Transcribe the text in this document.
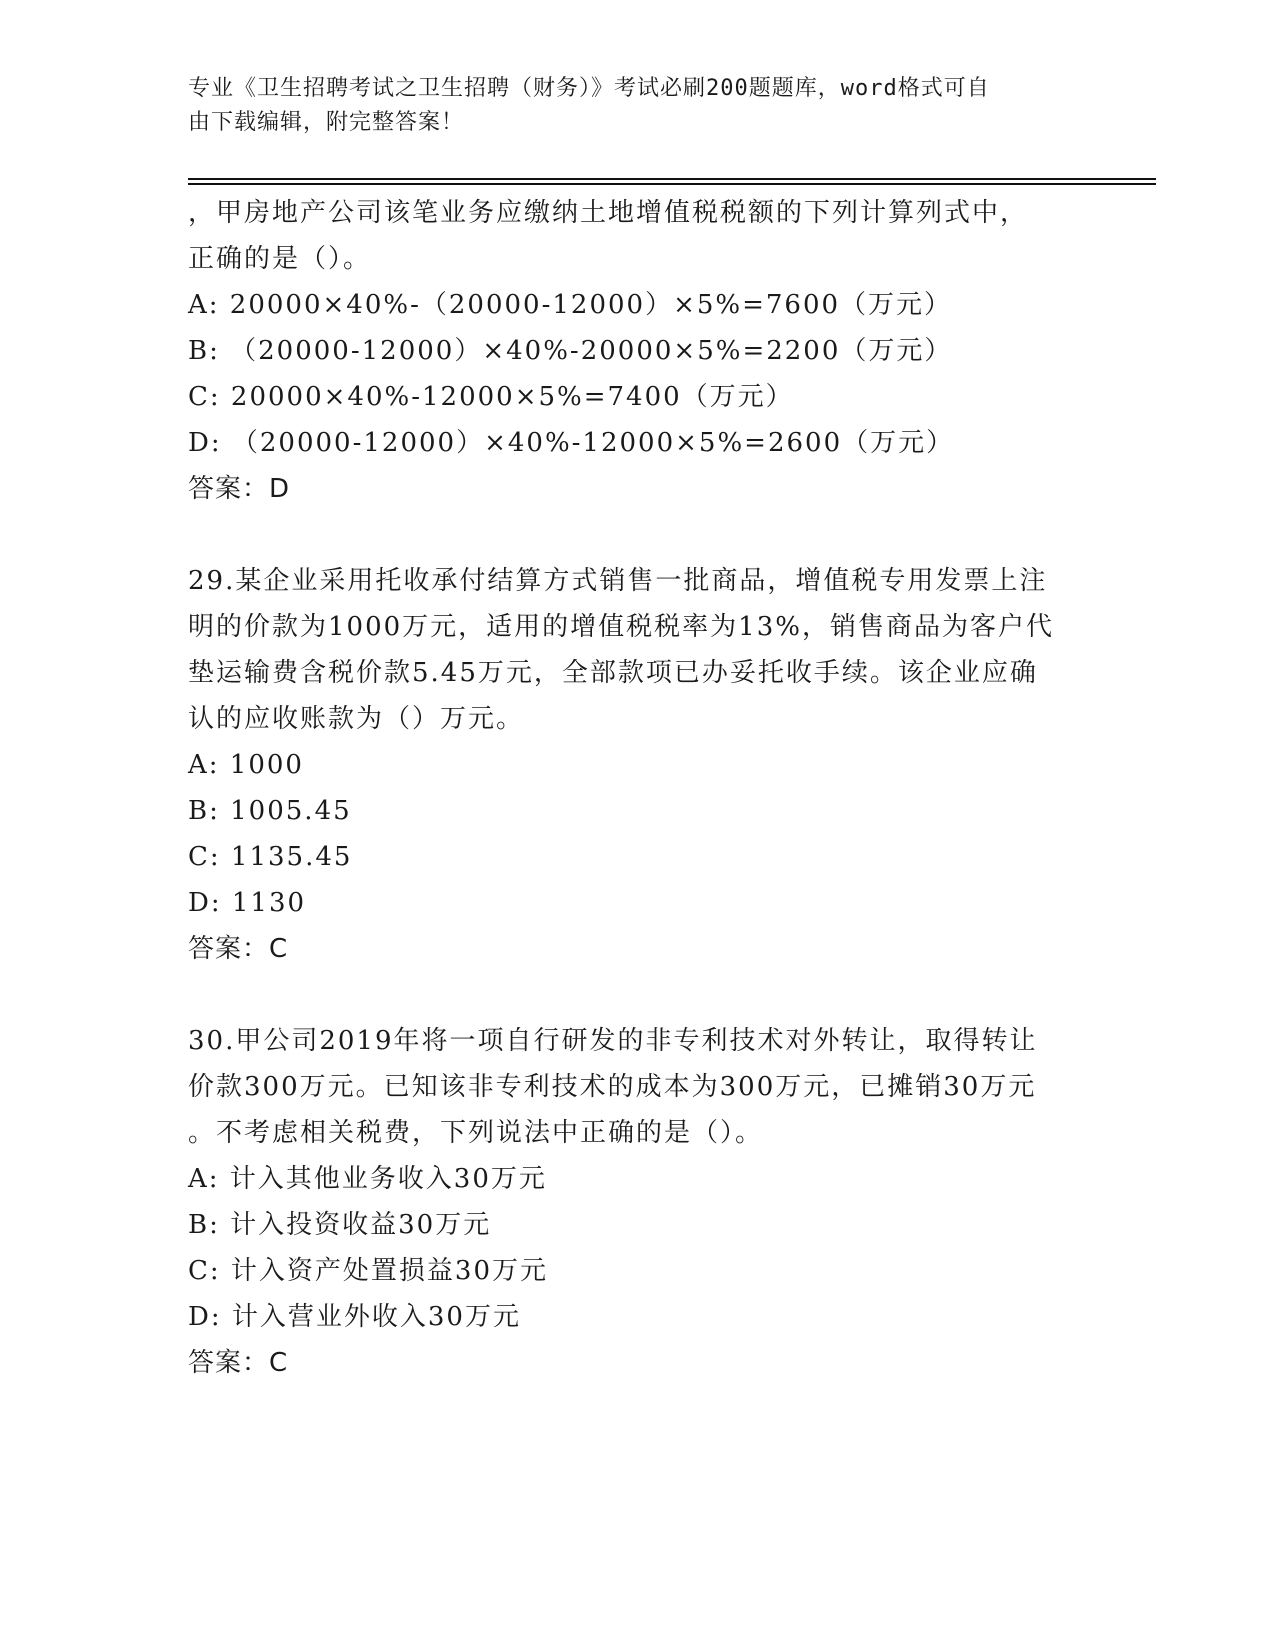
专业《卫生招聘考试之卫生招聘（财务）》考试必刷200题题库，word格式可自
由下载编辑，附完整答案！
，甲房地产公司该笔业务应缴纳土地增值税税额的下列计算列式中，
正确的是（）。
A: 20000×40%-（20000-12000）×5%=7600（万元）
B: （20000-12000）×40%-20000×5%=2200（万元）
C: 20000×40%-12000×5%=7400（万元）
D: （20000-12000）×40%-12000×5%=2600（万元）
答案：D
29.某企业采用托收承付结算方式销售一批商品，增值税专用发票上注
明的价款为1000万元，适用的增值税税率为13%，销售商品为客户代
垫运输费含税价款5.45万元，全部款项已办妥托收手续。该企业应确
认的应收账款为（）万元。
A: 1000
B: 1005.45
C: 1135.45
D: 1130
答案：C
30.甲公司2019年将一项自行研发的非专利技术对外转让，取得转让
价款300万元。已知该非专利技术的成本为300万元，已摊销30万元
。不考虑相关税费，下列说法中正确的是（）。
A: 计入其他业务收入30万元
B: 计入投资收益30万元
C: 计入资产处置损益30万元
D: 计入营业外收入30万元
答案：C
